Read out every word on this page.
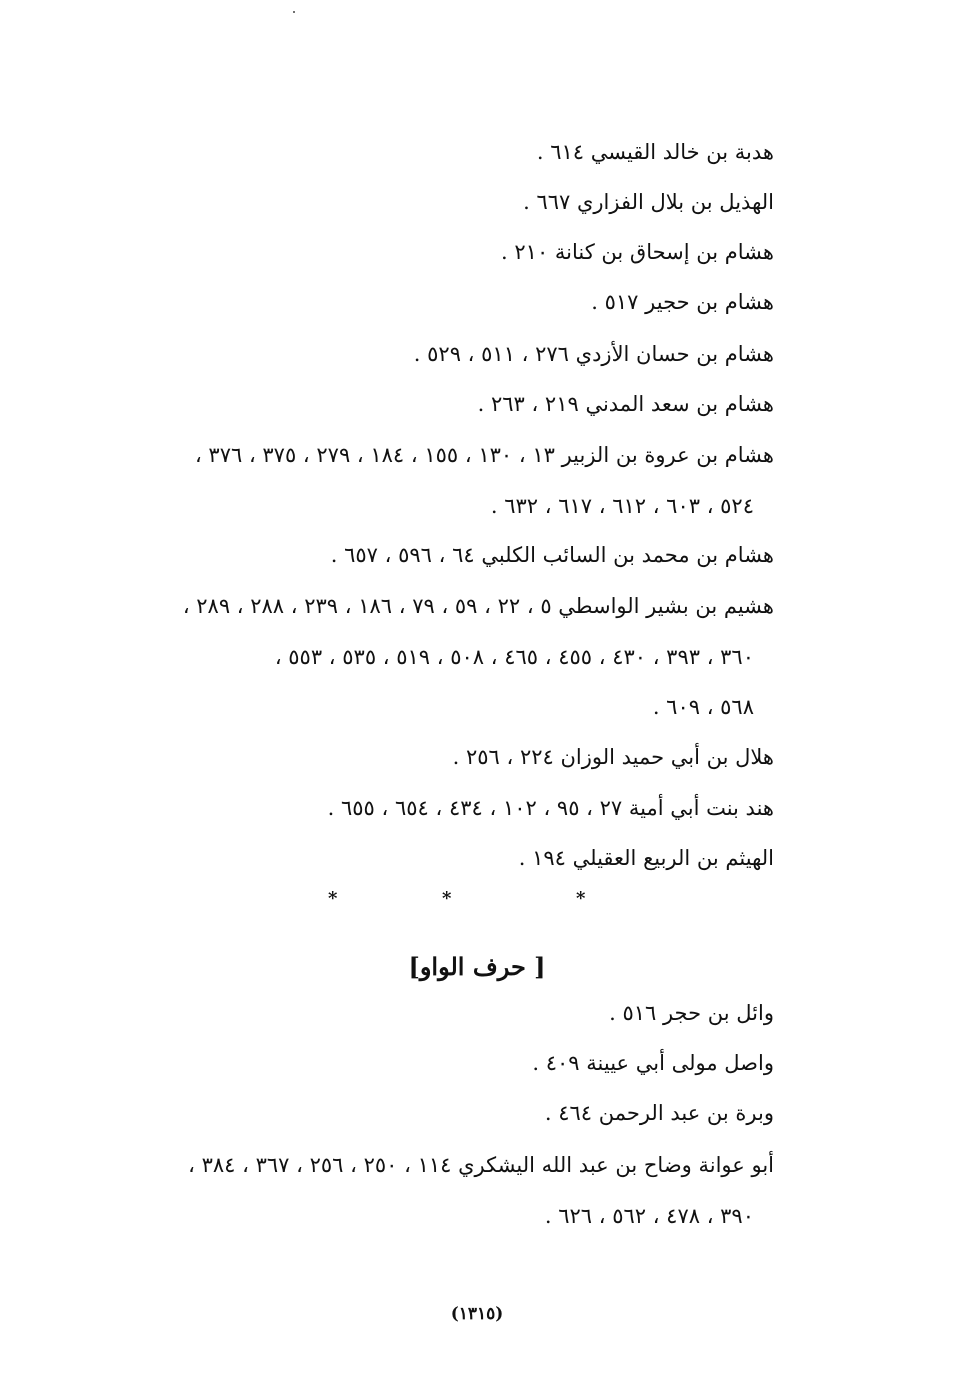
هدبة بن خالد القيسي ٦١٤ .
الهذيل بن بلال الفزاري ٦٦٧ .
هشام بن إسحاق بن كنانة ٢١٠ .
هشام بن حجير ٥١٧ .
هشام بن حسان الأزدي ٢٧٦ ، ٥١١ ، ٥٢٩ .
هشام بن سعد المدني ٢١٩ ، ٢٦٣ .
هشام بن عروة بن الزبير ١٣ ، ١٣٠ ، ١٥٥ ، ١٨٤ ، ٢٧٩ ، ٣٧٥ ، ٣٧٦ ،
٥٢٤ ، ٦٠٣ ، ٦١٢ ، ٦١٧ ، ٦٣٢ .
هشام بن محمد بن السائب الكلبي ٦٤ ، ٥٩٦ ، ٦٥٧ .
هشيم بن بشير الواسطي ٥ ، ٢٢ ، ٥٩ ، ٧٩ ، ١٨٦ ، ٢٣٩ ، ٢٨٨ ، ٢٨٩ ،
٣٦٠ ، ٣٩٣ ، ٤٣٠ ، ٤٥٥ ، ٤٦٥ ، ٥٠٨ ، ٥١٩ ، ٥٣٥ ، ٥٥٣ ،
٥٦٨ ، ٦٠٩ .
هلال بن أبي حميد الوزان ٢٢٤ ، ٢٥٦ .
هند بنت أبي أمية ٢٧ ، ٩٥ ، ١٠٢ ، ٤٣٤ ، ٦٥٤ ، ٦٥٥ .
الهيثم بن الربيع العقيلي ١٩٤ .
*	*	*
[ حرف الواو]
وائل بن حجر ٥١٦ .
واصل مولى أبي عيينة ٤٠٩ .
وبرة بن عبد الرحمن ٤٦٤ .
أبو عوانة وضاح بن عبد الله اليشكري ١١٤ ، ٢٥٠ ، ٢٥٦ ، ٣٦٧ ، ٣٨٤ ،
٣٩٠ ، ٤٧٨ ، ٥٦٢ ، ٦٢٦ .
(١٣١٥)
